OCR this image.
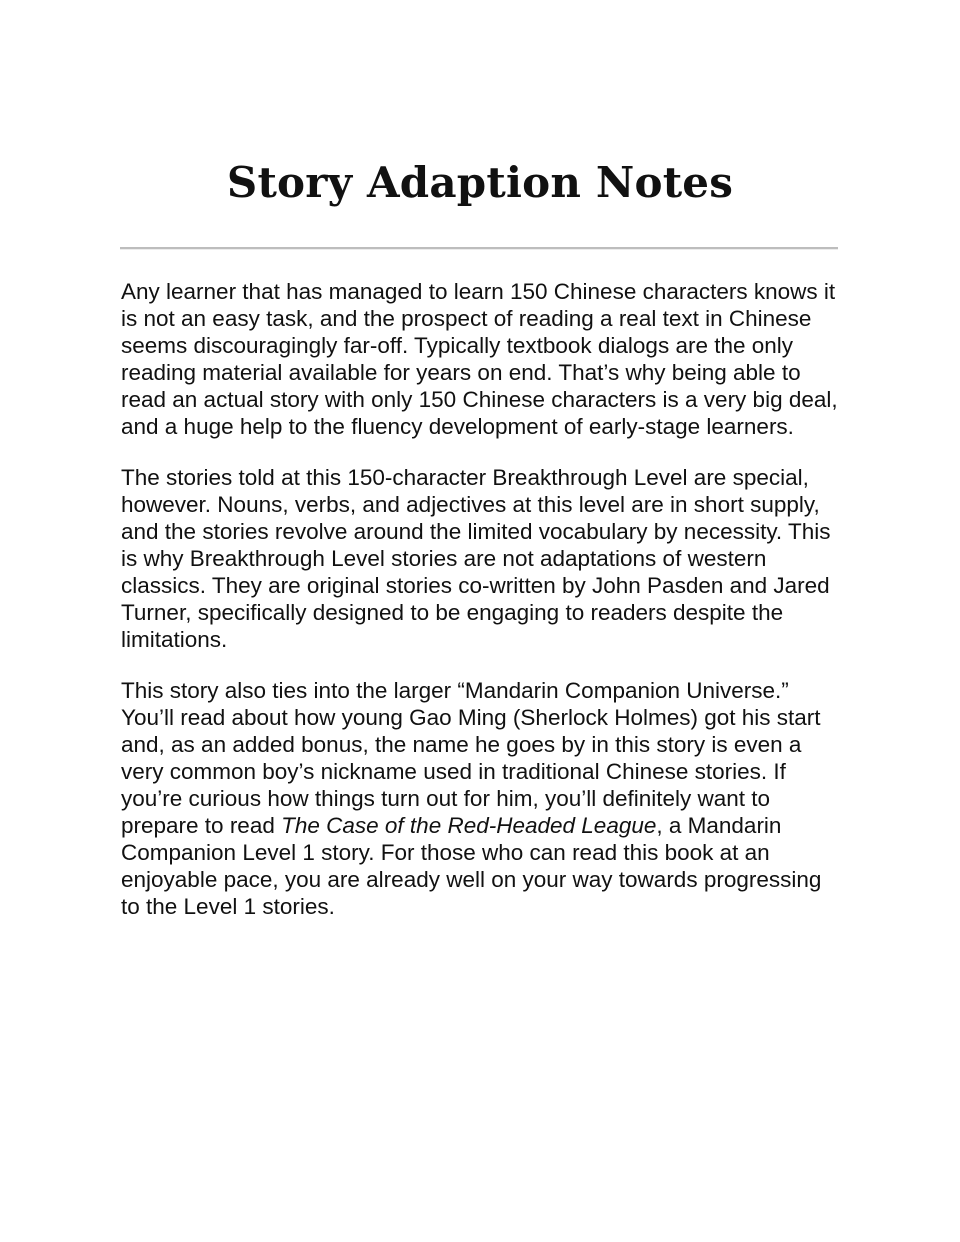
Story Adaption Notes

Any learner that has managed to learn 150 Chinese characters knows it is not an easy task, and the prospect of reading a real text in Chinese seems discouragingly far-off. Typically textbook dialogs are the only reading material available for years on end. That’s why being able to read an actual story with only 150 Chinese characters is a very big deal, and a huge help to the fluency development of early-stage learners.

The stories told at this 150-character Breakthrough Level are special, however. Nouns, verbs, and adjectives at this level are in short supply, and the stories revolve around the limited vocabulary by necessity. This is why Breakthrough Level stories are not adaptations of western classics. They are original stories co-written by John Pasden and Jared Turner, specifically designed to be engaging to readers despite the limitations.

This story also ties into the larger “Mandarin Companion Universe.” You’ll read about how young Gao Ming (Sherlock Holmes) got his start and, as an added bonus, the name he goes by in this story is even a very common boy’s nickname used in traditional Chinese stories. If you’re curious how things turn out for him, you’ll definitely want to prepare to read The Case of the Red-Headed League, a Mandarin Companion Level 1 story. For those who can read this book at an enjoyable pace, you are already well on your way towards progressing to the Level 1 stories.
